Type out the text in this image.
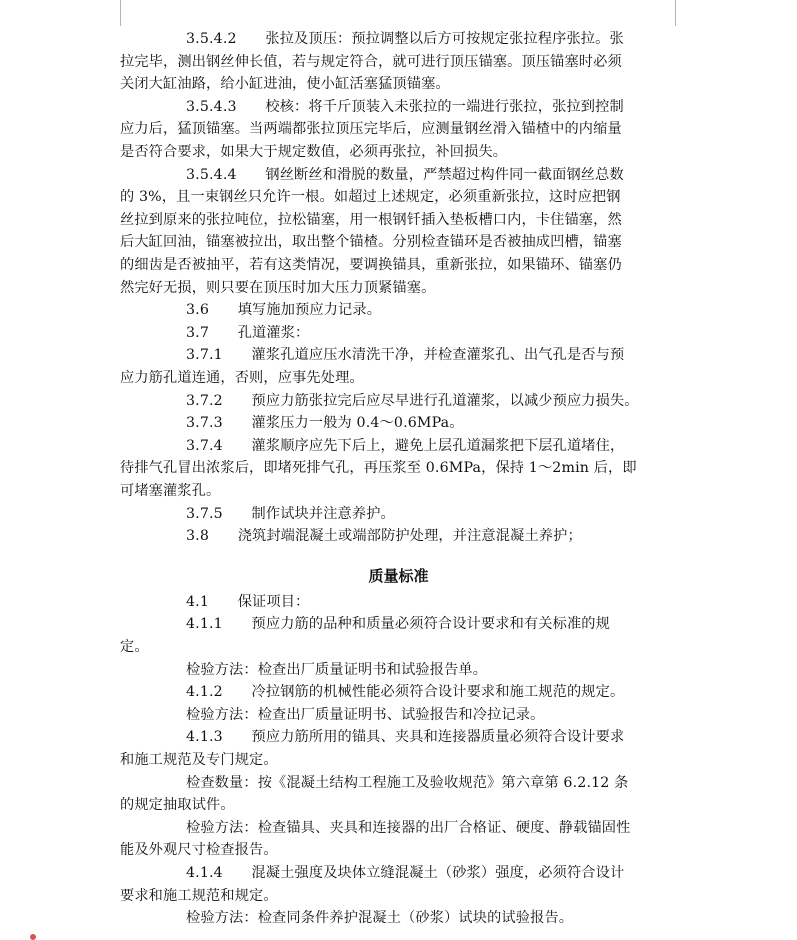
质量标准
3.5.4.2　　张拉及顶压：预拉调整以后方可按规定张拉程序张拉。张
拉完毕，测出钢丝伸长值，若与规定符合，就可进行顶压锚塞。顶压锚塞时必须
关闭大缸油路，给小缸进油，使小缸活塞猛顶锚塞。
3.5.4.3　　校核：将千斤顶装入未张拉的一端进行张拉，张拉到控制
应力后，猛顶锚塞。当两端都张拉顶压完毕后，应测量钢丝滑入锚楂中的内缩量
是否符合要求，如果大于规定数值，必须再张拉，补回损失。
3.5.4.4　　钢丝断丝和滑脱的数量，严禁超过构件同一截面钢丝总数
的 3%，且一束钢丝只允许一根。如超过上述规定，必须重新张拉，这时应把钢
丝拉到原来的张拉吨位，拉松锚塞，用一根钢钎插入垫板槽口内，卡住锚塞，然
后大缸回油，锚塞被拉出，取出整个锚楂。分别检查锚环是否被抽成凹槽，锚塞
的细齿是否被抽平，若有这类情况，要调换锚具，重新张拉，如果锚环、锚塞仍
然完好无损，则只要在顶压时加大压力顶紧锚塞。
3.6　　填写施加预应力记录。
3.7　　孔道灌浆：
3.7.1　　灌浆孔道应压水清洗干净，并检查灌浆孔、出气孔是否与预
应力筋孔道连通，否则，应事先处理。
3.7.2　　预应力筋张拉完后应尽早进行孔道灌浆，以减少预应力损失。
3.7.3　　灌浆压力一般为 0.4～0.6MPa。
3.7.4　　灌浆顺序应先下后上，避免上层孔道漏浆把下层孔道堵住，
待排气孔冒出浓浆后，即堵死排气孔，再压浆至 0.6MPa，保持 1～2min 后，即
可堵塞灌浆孔。
3.7.5　　制作试块并注意养护。
3.8　　浇筑封端混凝土或端部防护处理，并注意混凝土养护；
4.1　　保证项目：
4.1.1　　预应力筋的品种和质量必须符合设计要求和有关标准的规
定。
检验方法：检查出厂质量证明书和试验报告单。
4.1.2　　冷拉钢筋的机械性能必须符合设计要求和施工规范的规定。
检验方法：检查出厂质量证明书、试验报告和冷拉记录。
4.1.3　　预应力筋所用的锚具、夹具和连接器质量必须符合设计要求
和施工规范及专门规定。
检查数量：按《混凝土结构工程施工及验收规范》第六章第 6.2.12 条
的规定抽取试件。
检验方法：检查锚具、夹具和连接器的出厂合格证、硬度、静载锚固性
能及外观尺寸检查报告。
4.1.4　　混凝土强度及块体立缝混凝土（砂浆）强度，必须符合设计
要求和施工规范和规定。
检验方法：检查同条件养护混凝土（砂浆）试块的试验报告。
